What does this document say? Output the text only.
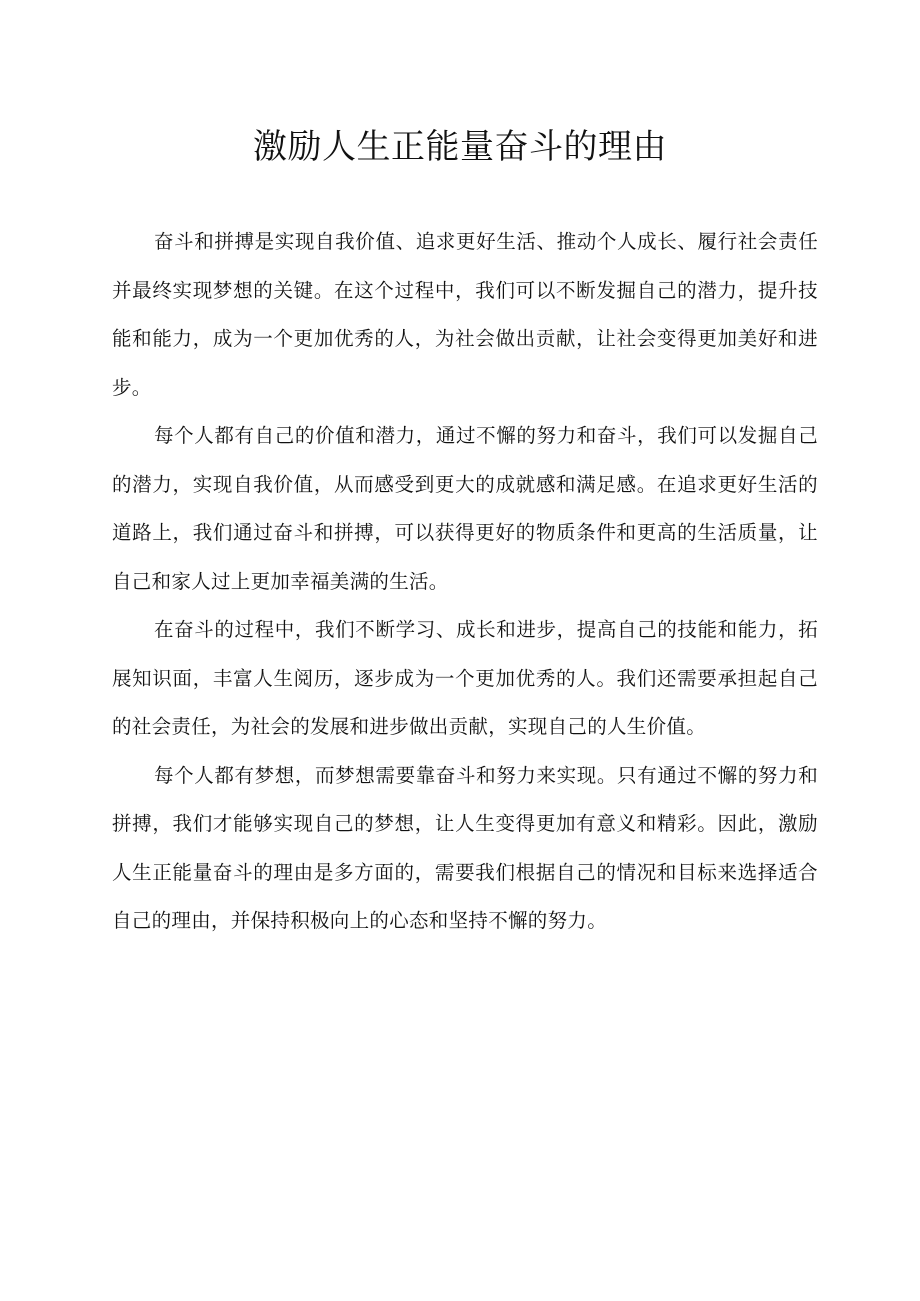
激励人生正能量奋斗的理由

奋斗和拼搏是实现自我价值、追求更好生活、推动个人成长、履行社会责任并最终实现梦想的关键。在这个过程中，我们可以不断发掘自己的潜力，提升技能和能力，成为一个更加优秀的人，为社会做出贡献，让社会变得更加美好和进步。

每个人都有自己的价值和潜力，通过不懈的努力和奋斗，我们可以发掘自己的潜力，实现自我价值，从而感受到更大的成就感和满足感。在追求更好生活的道路上，我们通过奋斗和拼搏，可以获得更好的物质条件和更高的生活质量，让自己和家人过上更加幸福美满的生活。

在奋斗的过程中，我们不断学习、成长和进步，提高自己的技能和能力，拓展知识面，丰富人生阅历，逐步成为一个更加优秀的人。我们还需要承担起自己的社会责任，为社会的发展和进步做出贡献，实现自己的人生价值。

每个人都有梦想，而梦想需要靠奋斗和努力来实现。只有通过不懈的努力和拼搏，我们才能够实现自己的梦想，让人生变得更加有意义和精彩。因此，激励人生正能量奋斗的理由是多方面的，需要我们根据自己的情况和目标来选择适合自己的理由，并保持积极向上的心态和坚持不懈的努力。
